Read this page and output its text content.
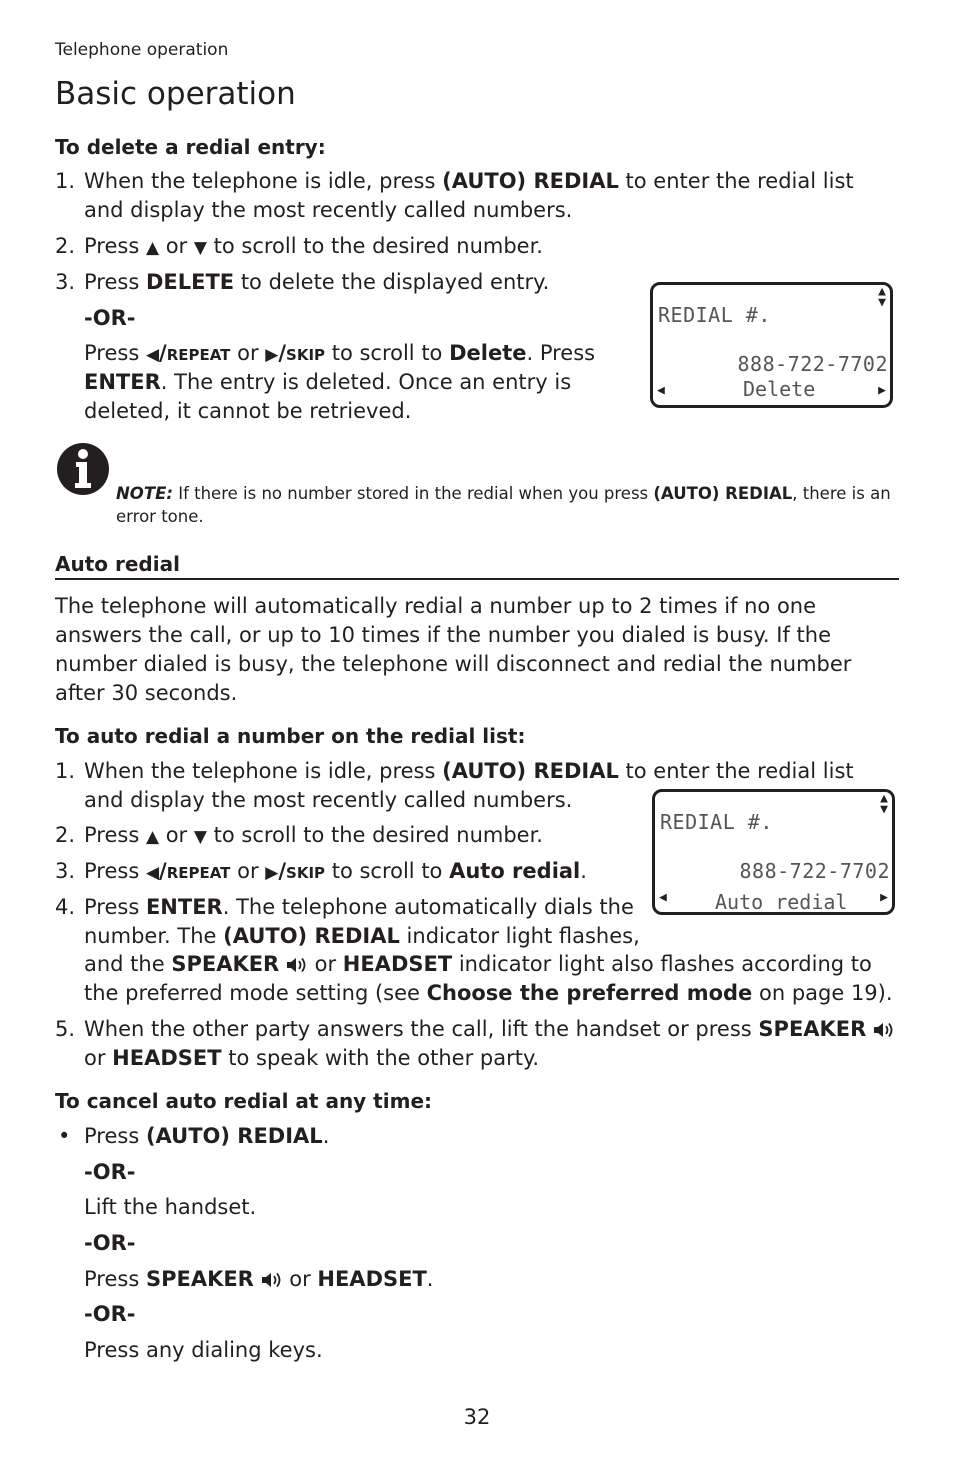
Telephone operation
Basic operation
To delete a redial entry:
1. When the telephone is idle, press (AUTO) REDIAL to enter the redial list
and display the most recently called numbers.
2. Press ▲ or ▼ to scroll to the desired number.
3. Press DELETE to delete the displayed entry.
-OR-
Press ◀/REPEAT or ▶/SKIP to scroll to Delete. Press
ENTER. The entry is deleted. Once an entry is
deleted, it cannot be retrieved.
▲
▼
REDIAL #.
888-722-7702
◀	Delete	▶
NOTE: If there is no number stored in the redial when you press (AUTO) REDIAL, there is an
error tone.
Auto redial
The telephone will automatically redial a number up to 2 times if no one
answers the call, or up to 10 times if the number you dialed is busy. If the
number dialed is busy, the telephone will disconnect and redial the number
after 30 seconds.
To auto redial a number on the redial list:
1. When the telephone is idle, press (AUTO) REDIAL to enter the redial list
and display the most recently called numbers.
2. Press ▲ or ▼ to scroll to the desired number.
3. Press ◀/REPEAT or ▶/SKIP to scroll to Auto redial.
4. Press ENTER. The telephone automatically dials the
number. The (AUTO) REDIAL indicator light flashes,
and the SPEAKER  or HEADSET indicator light also flashes according to
the preferred mode setting (see Choose the preferred mode on page 19).
5. When the other party answers the call, lift the handset or press SPEAKER
or HEADSET to speak with the other party.
▲
▼
REDIAL #.
888-722-7702
◀ Auto redial	▶
To cancel auto redial at any time:
• Press (AUTO) REDIAL.
-OR-
Lift the handset.
-OR-
Press SPEAKER  or HEADSET.
-OR-
Press any dialing keys.
32
